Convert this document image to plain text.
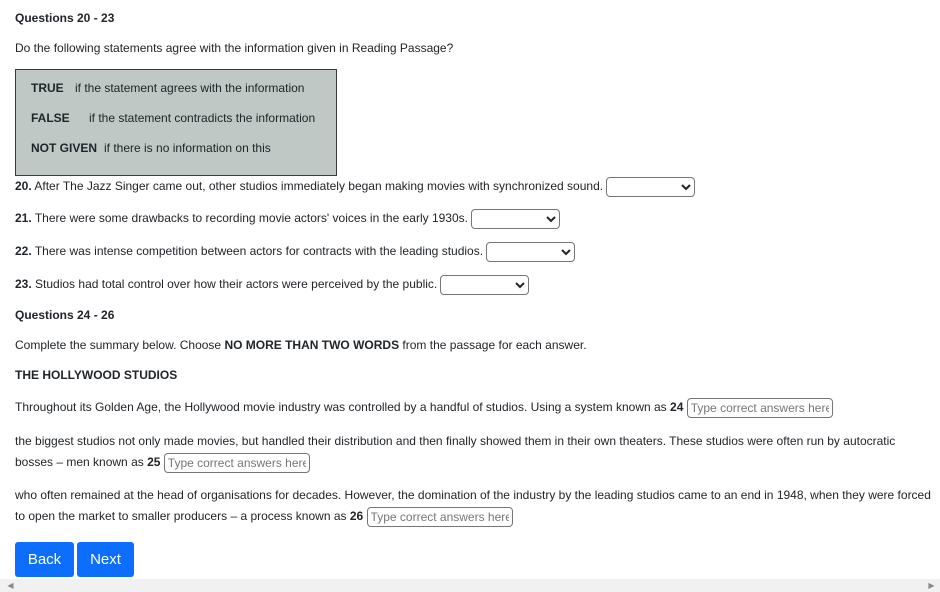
Questions 20 - 23
Do the following statements agree with the information given in Reading Passage?
TRUE if the statement agrees with the information
FALSE if the statement contradicts the information
NOT GIVEN if there is no information on this
20. After The Jazz Singer came out, other studios immediately began making movies with synchronized sound.
21. There were some drawbacks to recording movie actors' voices in the early 1930s.
22. There was intense competition between actors for contracts with the leading studios.
23. Studios had total control over how their actors were perceived by the public.
Questions 24 - 26
Complete the summary below. Choose NO MORE THAN TWO WORDS from the passage for each answer.
THE HOLLYWOOD STUDIOS
Throughout its Golden Age, the Hollywood movie industry was controlled by a handful of studios. Using a system known as 24 Type correct answers here
the biggest studios not only made movies, but handled their distribution and then finally showed them in their own theaters. These studios were often run by autocratic bosses – men known as 25 Type correct answers here
who often remained at the head of organisations for decades. However, the domination of the industry by the leading studios came to an end in 1948, when they were forced to open the market to smaller producers – a process known as 26 Type correct answers here
Back	Next
◀	▶
